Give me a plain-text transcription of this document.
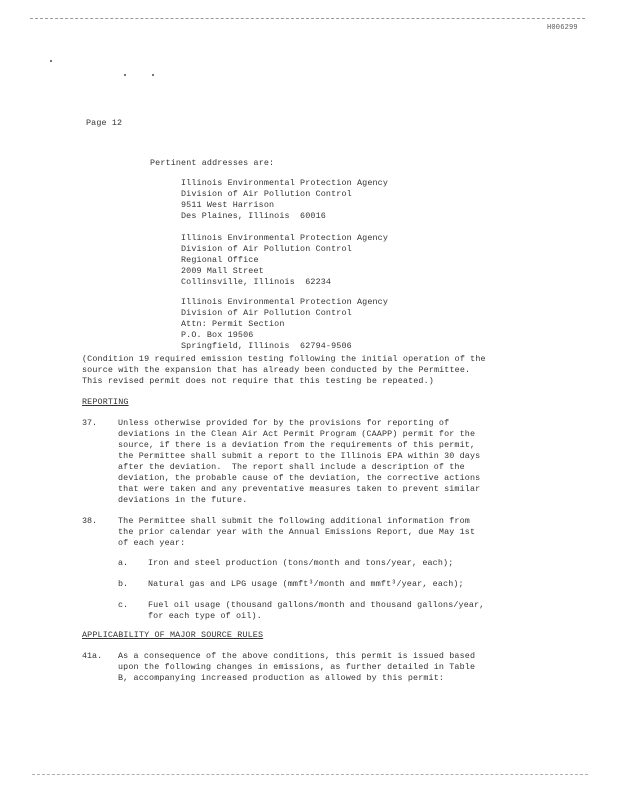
H006299
Page 12
Pertinent addresses are:
Illinois Environmental Protection Agency
Division of Air Pollution Control
9511 West Harrison
Des Plaines, Illinois  60016
Illinois Environmental Protection Agency
Division of Air Pollution Control
Regional Office
2009 Mall Street
Collinsville, Illinois  62234
Illinois Environmental Protection Agency
Division of Air Pollution Control
Attn: Permit Section
P.O. Box 19506
Springfield, Illinois  62794-9506
(Condition 19 required emission testing following the initial operation of the
source with the expansion that has already been conducted by the Permittee.
This revised permit does not require that this testing be repeated.)
REPORTING
37. Unless otherwise provided for by the provisions for reporting of
deviations in the Clean Air Act Permit Program (CAAPP) permit for the
source, if there is a deviation from the requirements of this permit,
the Permittee shall submit a report to the Illinois EPA within 30 days
after the deviation.  The report shall include a description of the
deviation, the probable cause of the deviation, the corrective actions
that were taken and any preventative measures taken to prevent similar
deviations in the future.
38. The Permittee shall submit the following additional information from
the prior calendar year with the Annual Emissions Report, due May 1st
of each year:
a. Iron and steel production (tons/month and tons/year, each);
b. Natural gas and LPG usage (mmft³/month and mmft³/year, each);
c. Fuel oil usage (thousand gallons/month and thousand gallons/year,
for each type of oil).
APPLICABILITY OF MAJOR SOURCE RULES
41a. As a consequence of the above conditions, this permit is issued based
upon the following changes in emissions, as further detailed in Table
B, accompanying increased production as allowed by this permit:
